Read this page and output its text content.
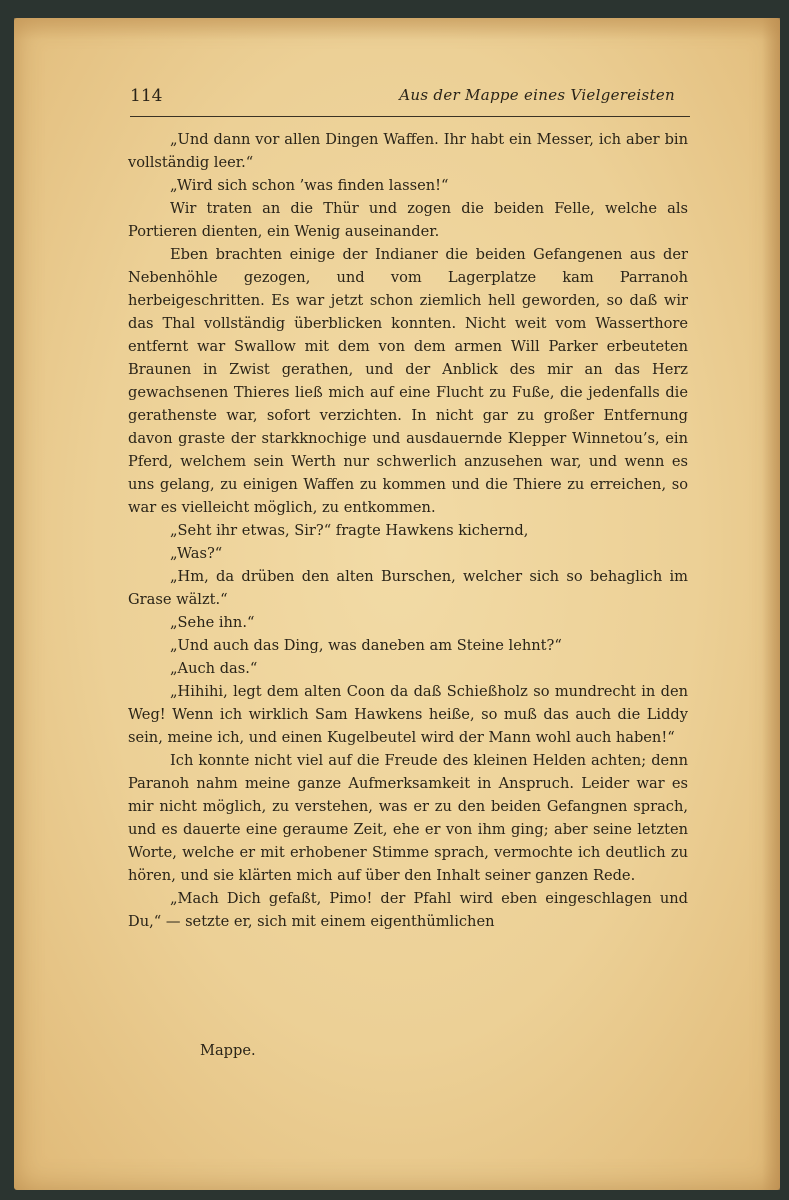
114	Aus der Mappe eines Vielgereisten

„Und dann vor allen Dingen Waffen. Ihr habt ein Messer, ich aber bin vollständig leer.“

„Wird sich schon ’was finden lassen!“

Wir traten an die Thür und zogen die beiden Felle, welche als Portieren dienten, ein Wenig auseinander.

Eben brachten einige der Indianer die beiden Gefangenen aus der Nebenhöhle gezogen, und vom Lagerplatze kam Parranoh herbeigeschritten. Es war jetzt schon ziemlich hell geworden, so daß wir das Thal vollständig überblicken konnten. Nicht weit vom Wasserthore entfernt war Swallow mit dem von dem armen Will Parker erbeuteten Braunen in Zwist gerathen, und der Anblick des mir an das Herz gewachsenen Thieres ließ mich auf eine Flucht zu Fuße, die jedenfalls die gerathenste war, sofort verzichten. In nicht gar zu großer Entfernung davon graste der starkknochige und ausdauernde Klepper Winnetou’s, ein Pferd, welchem sein Werth nur schwerlich anzusehen war, und wenn es uns gelang, zu einigen Waffen zu kommen und die Thiere zu erreichen, so war es vielleicht möglich, zu entkommen.

„Seht ihr etwas, Sir?“ fragte Hawkens kichernd,

„Was?“

„Hm, da drüben den alten Burschen, welcher sich so behaglich im Grase wälzt.“

„Sehe ihn.“

„Und auch das Ding, was daneben am Steine lehnt?“

„Auch das.“

„Hihihi, legt dem alten Coon da daß Schießholz so mundrecht in den Weg! Wenn ich wirklich Sam Hawkens heiße, so muß das auch die Liddy sein, meine ich, und einen Kugelbeutel wird der Mann wohl auch haben!“

Ich konnte nicht viel auf die Freude des kleinen Helden achten; denn Paranoh nahm meine ganze Aufmerksamkeit in Anspruch. Leider war es mir nicht möglich, zu verstehen, was er zu den beiden Gefangnen sprach, und es dauerte eine geraume Zeit, ehe er von ihm ging; aber seine letzten Worte, welche er mit erhobener Stimme sprach, vermochte ich deutlich zu hören, und sie klärten mich auf über den Inhalt seiner ganzen Rede.

„Mach Dich gefaßt, Pimo! der Pfahl wird eben eingeschlagen und Du,“ — setzte er, sich mit einem eigenthümlichen

Mappe.
